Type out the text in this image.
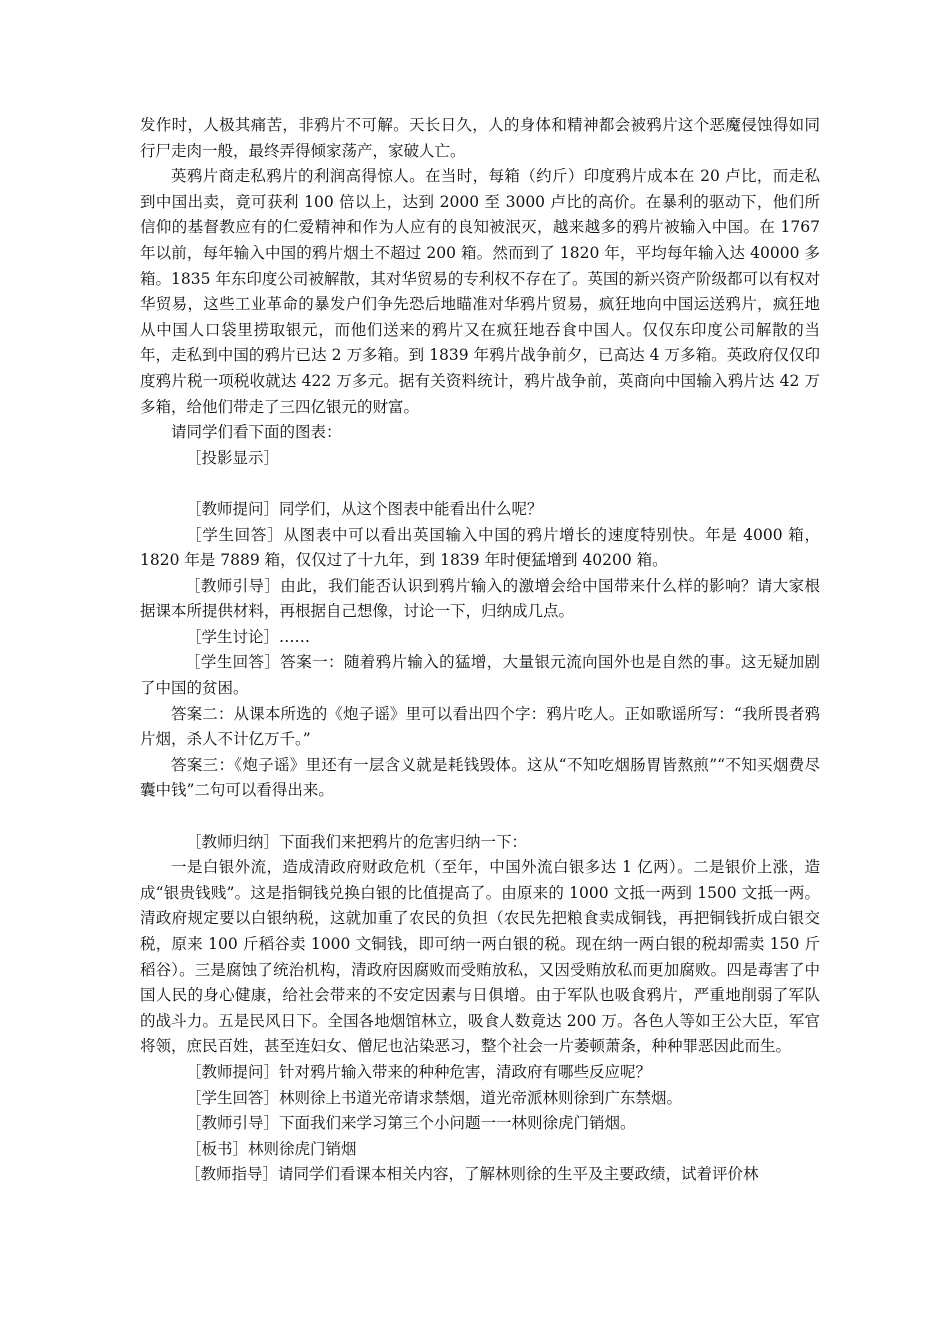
发作时，人极其痛苦，非鸦片不可解。天长日久，人的身体和精神都会被鸦片这个恶魔侵蚀得如同行尸走肉一般，最终弄得倾家荡产，家破人亡。

英鸦片商走私鸦片的利润高得惊人。在当时，每箱（约斤）印度鸦片成本在 20 卢比，而走私到中国出卖，竟可获利 100 倍以上，达到 2000 至 3000 卢比的高价。在暴利的驱动下，他们所信仰的基督教应有的仁爱精神和作为人应有的良知被泯灭，越来越多的鸦片被输入中国。在 1767 年以前，每年输入中国的鸦片烟土不超过 200 箱。然而到了 1820 年，平均每年输入达 40000 多箱。1835 年东印度公司被解散，其对华贸易的专利权不存在了。英国的新兴资产阶级都可以有权对华贸易，这些工业革命的暴发户们争先恐后地瞄准对华鸦片贸易，疯狂地向中国运送鸦片，疯狂地从中国人口袋里捞取银元，而他们送来的鸦片又在疯狂地吞食中国人。仅仅东印度公司解散的当年，走私到中国的鸦片已达 2 万多箱。到 1839 年鸦片战争前夕，已高达 4 万多箱。英政府仅仅印度鸦片税一项税收就达 422 万多元。据有关资料统计，鸦片战争前，英商向中国输入鸦片达 42 万多箱，给他们带走了三四亿银元的财富。

请同学们看下面的图表：

［投影显示］

［教师提问］同学们，从这个图表中能看出什么呢？

［学生回答］从图表中可以看出英国输入中国的鸦片增长的速度特别快。年是 4000 箱，1820 年是 7889 箱，仅仅过了十九年，到 1839 年时便猛增到 40200 箱。

［教师引导］由此，我们能否认识到鸦片输入的激增会给中国带来什么样的影响？请大家根据课本所提供材料，再根据自己想像，讨论一下，归纳成几点。

［学生讨论］……

［学生回答］答案一：随着鸦片输入的猛增，大量银元流向国外也是自然的事。这无疑加剧了中国的贫困。

答案二：从课本所选的《炮子谣》里可以看出四个字：鸦片吃人。正如歌谣所写：“我所畏者鸦片烟，杀人不计亿万千。”

答案三：《炮子谣》里还有一层含义就是耗钱毁体。这从“不知吃烟肠胃皆熬煎”“不知买烟费尽囊中钱”二句可以看得出来。

［教师归纳］下面我们来把鸦片的危害归纳一下：

一是白银外流，造成清政府财政危机（至年，中国外流白银多达 1 亿两）。二是银价上涨，造成“银贵钱贱”。这是指铜钱兑换白银的比值提高了。由原来的 1000 文抵一两到 1500 文抵一两。清政府规定要以白银纳税，这就加重了农民的负担（农民先把粮食卖成铜钱，再把铜钱折成白银交税，原来 100 斤稻谷卖 1000 文铜钱，即可纳一两白银的税。现在纳一两白银的税却需卖 150 斤稻谷）。三是腐蚀了统治机构，清政府因腐败而受贿放私，又因受贿放私而更加腐败。四是毒害了中国人民的身心健康，给社会带来的不安定因素与日俱增。由于军队也吸食鸦片，严重地削弱了军队的战斗力。五是民风日下。全国各地烟馆林立，吸食人数竟达 200 万。各色人等如王公大臣，军官将领，庶民百姓，甚至连妇女、僧尼也沾染恶习，整个社会一片萎顿萧条，种种罪恶因此而生。

［教师提问］针对鸦片输入带来的种种危害，清政府有哪些反应呢？

［学生回答］林则徐上书道光帝请求禁烟，道光帝派林则徐到广东禁烟。

［教师引导］下面我们来学习第三个小问题一一林则徐虎门销烟。

［板书］林则徐虎门销烟

［教师指导］请同学们看课本相关内容，了解林则徐的生平及主要政绩，试着评价林
